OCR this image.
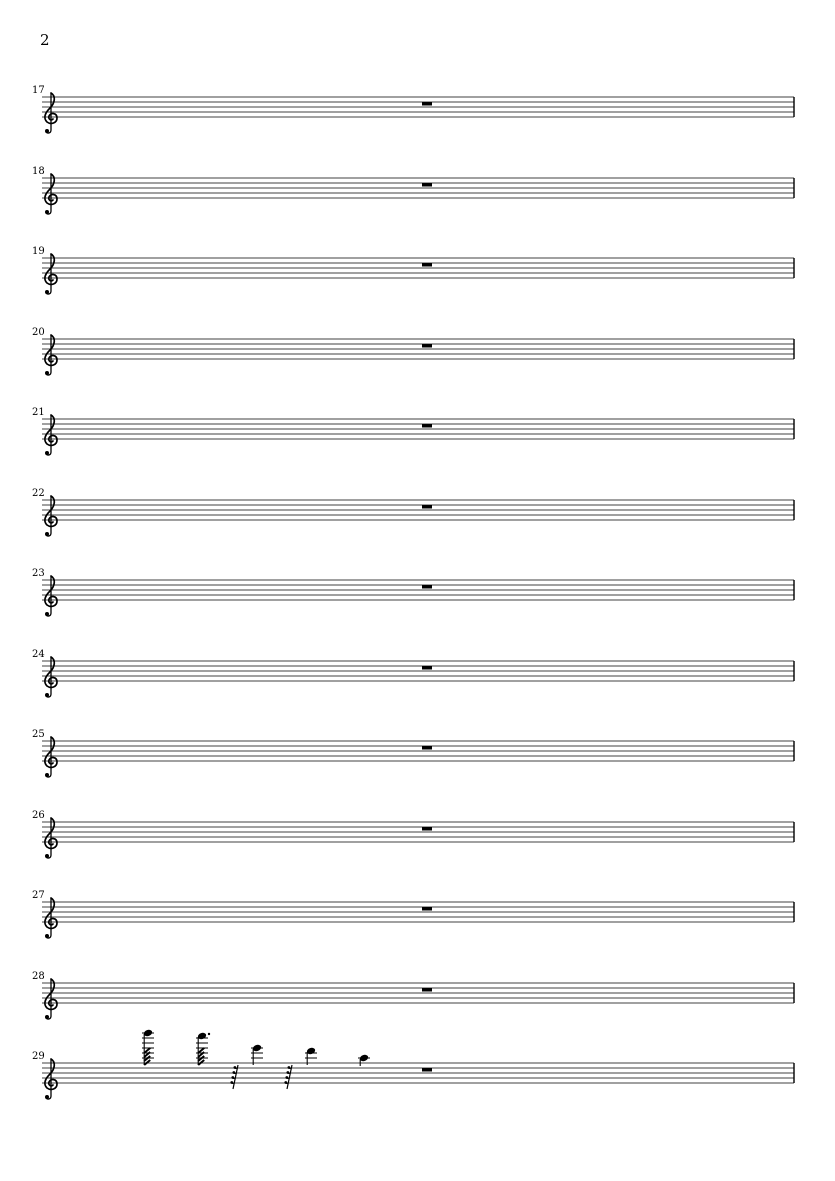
2
17
18
19
20
21
22
23
24
25
26
27
28
29
